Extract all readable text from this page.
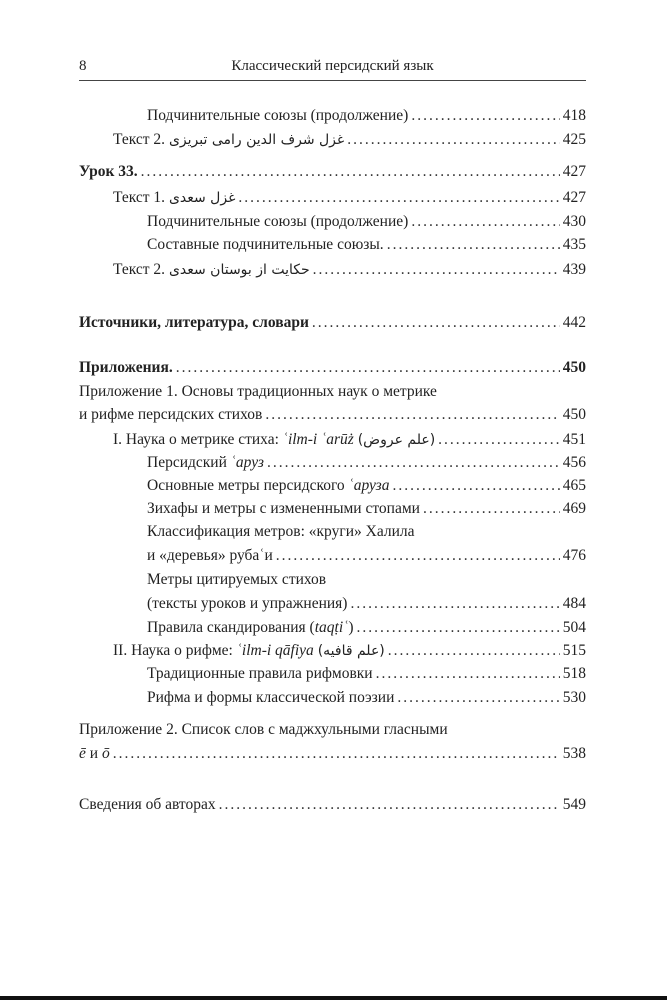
8	Классический персидский язык
Подчинительные союзы (продолжение) .....	418
Текст 2. غزل شرف الدين رامى تبريزى .....	425
Урок 33. .....	427
Текст 1. غزل سعدى .....	427
Подчинительные союзы (продолжение) .....	430
Составные подчинительные союзы. .....	435
Текст 2. حكايت از بوستان سعدى .....	439
Источники, литература, словари .....	442
Приложения. .....	450
Приложение 1. Основы традиционных наук о метрике
и рифме персидских стихов .....	450
I. Наука о метрике стиха: ʿilm-i ʿarūż (علم عروض) .....	451
Персидский ʿаруз .....	456
Основные метры персидского ʿаруза .....	465
Зихафы и метры с измененными стопами .....	469
Классификация метров: «круги» Халила
и «деревья» рубаʿи .....	476
Метры цитируемых стихов
(тексты уроков и упражнения) .....	484
Правила скандирования (taqṭiʿ) .....	504
II. Наука о рифме: ʿilm-i qāfiya (علم قافيه) .....	515
Традиционные правила рифмовки .....	518
Рифма и формы классической поэзии .....	530
Приложение 2. Список слов с маджхульными гласными
ē и ō .....	538
Сведения об авторах .....	549
